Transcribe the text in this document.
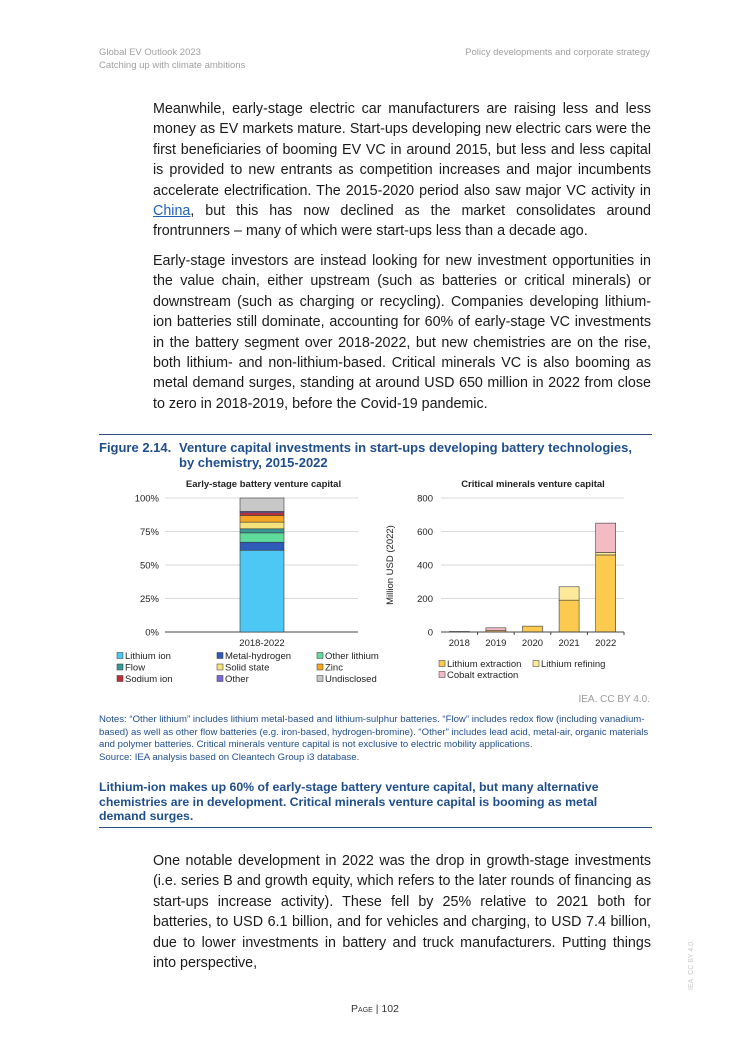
Global EV Outlook 2023
Catching up with climate ambitions
Policy developments and corporate strategy

Meanwhile, early-stage electric car manufacturers are raising less and less money as EV markets mature. Start-ups developing new electric cars were the first beneficiaries of booming EV VC in around 2015, but less and less capital is provided to new entrants as competition increases and major incumbents accelerate electrification. The 2015-2020 period also saw major VC activity in China, but this has now declined as the market consolidates around frontrunners – many of which were start-ups less than a decade ago.

Early-stage investors are instead looking for new investment opportunities in the value chain, either upstream (such as batteries or critical minerals) or downstream (such as charging or recycling). Companies developing lithium-ion batteries still dominate, accounting for 60% of early-stage VC investments in the battery segment over 2018-2022, but new chemistries are on the rise, both lithium- and non-lithium-based. Critical minerals VC is also booming as metal demand surges, standing at around USD 650 million in 2022 from close to zero in 2018-2019, before the Covid-19 pandemic.

Figure 2.14. Venture capital investments in start-ups developing battery technologies,
by chemistry, 2015-2022
Early-stage battery venture capital
0%
25%
50%
75%
100%
2018-2022
Lithium ion	Metal-hydrogen	Other lithium
Flow	Solid state	Zinc
Sodium ion	Other	Undisclosed
Critical minerals venture capital
Million USD (2022)
0
200
400
600
800
2018 2019 2020 2021 2022
Lithium extraction Lithium refining
Cobalt extraction
IEA. CC BY 4.0.
Notes: “Other lithium” includes lithium metal-based and lithium-sulphur batteries. “Flow” includes redox flow (including vanadium-based) as well as other flow batteries (e.g. iron-based, hydrogen-bromine). “Other” includes lead acid, metal-air, organic materials and polymer batteries. Critical minerals venture capital is not exclusive to electric mobility applications.
Source: IEA analysis based on Cleantech Group i3 database.
Lithium-ion makes up 60% of early-stage battery venture capital, but many alternative chemistries are in development. Critical minerals venture capital is booming as metal demand surges.

One notable development in 2022 was the drop in growth-stage investments (i.e. series B and growth equity, which refers to the later rounds of financing as start-ups increase activity). These fell by 25% relative to 2021 both for batteries, to USD 6.1 billion, and for vehicles and charging, to USD 7.4 billion, due to lower investments in battery and truck manufacturers. Putting things into perspective,

Page | 102
IEA. CC BY 4.0.
